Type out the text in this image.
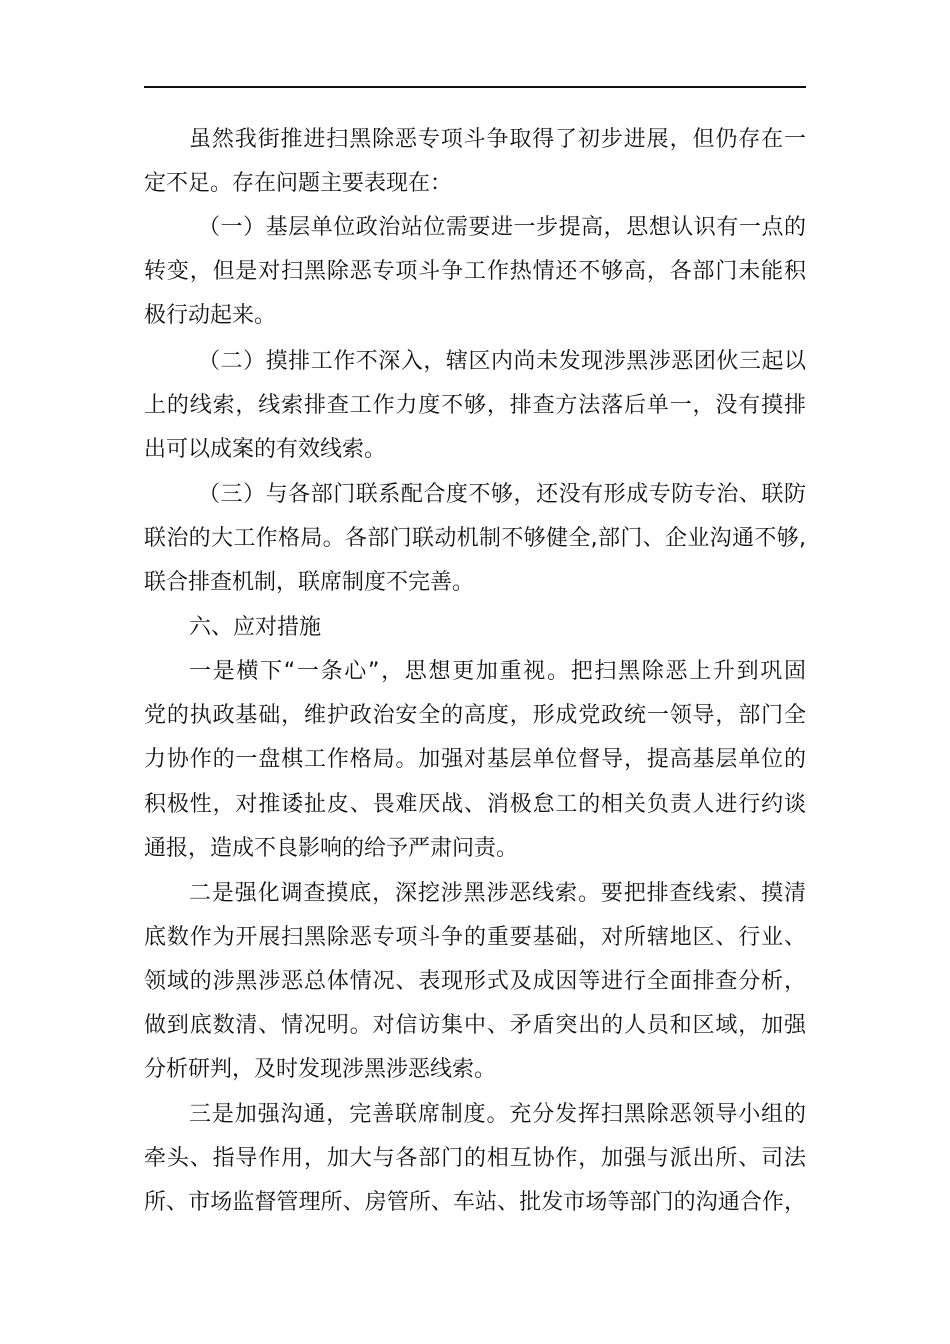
虽然我街推进扫黑除恶专项斗争取得了初步进展，但仍存在一
定不足。存在问题主要表现在：
（一）基层单位政治站位需要进一步提高，思想认识有一点的
转变，但是对扫黑除恶专项斗争工作热情还不够高，各部门未能积
极行动起来。
（二）摸排工作不深入，辖区内尚未发现涉黑涉恶团伙三起以
上的线索，线索排查工作力度不够，排查方法落后单一，没有摸排
出可以成案的有效线索。
（三）与各部门联系配合度不够，还没有形成专防专治、联防
联治的大工作格局。各部门联动机制不够健全,部门、企业沟通不够,
联合排查机制，联席制度不完善。
六、应对措施
一是横下“一条心”，思想更加重视。把扫黑除恶上升到巩固
党的执政基础，维护政治安全的高度，形成党政统一领导，部门全
力协作的一盘棋工作格局。加强对基层单位督导，提高基层单位的
积极性，对推诿扯皮、畏难厌战、消极怠工的相关负责人进行约谈
通报，造成不良影响的给予严肃问责。
二是强化调查摸底，深挖涉黑涉恶线索。要把排查线索、摸清
底数作为开展扫黑除恶专项斗争的重要基础，对所辖地区、行业、
领域的涉黑涉恶总体情况、表现形式及成因等进行全面排查分析，
做到底数清、情况明。对信访集中、矛盾突出的人员和区域，加强
分析研判，及时发现涉黑涉恶线索。
三是加强沟通，完善联席制度。充分发挥扫黑除恶领导小组的
牵头、指导作用，加大与各部门的相互协作，加强与派出所、司法
所、市场监督管理所、房管所、车站、批发市场等部门的沟通合作，
